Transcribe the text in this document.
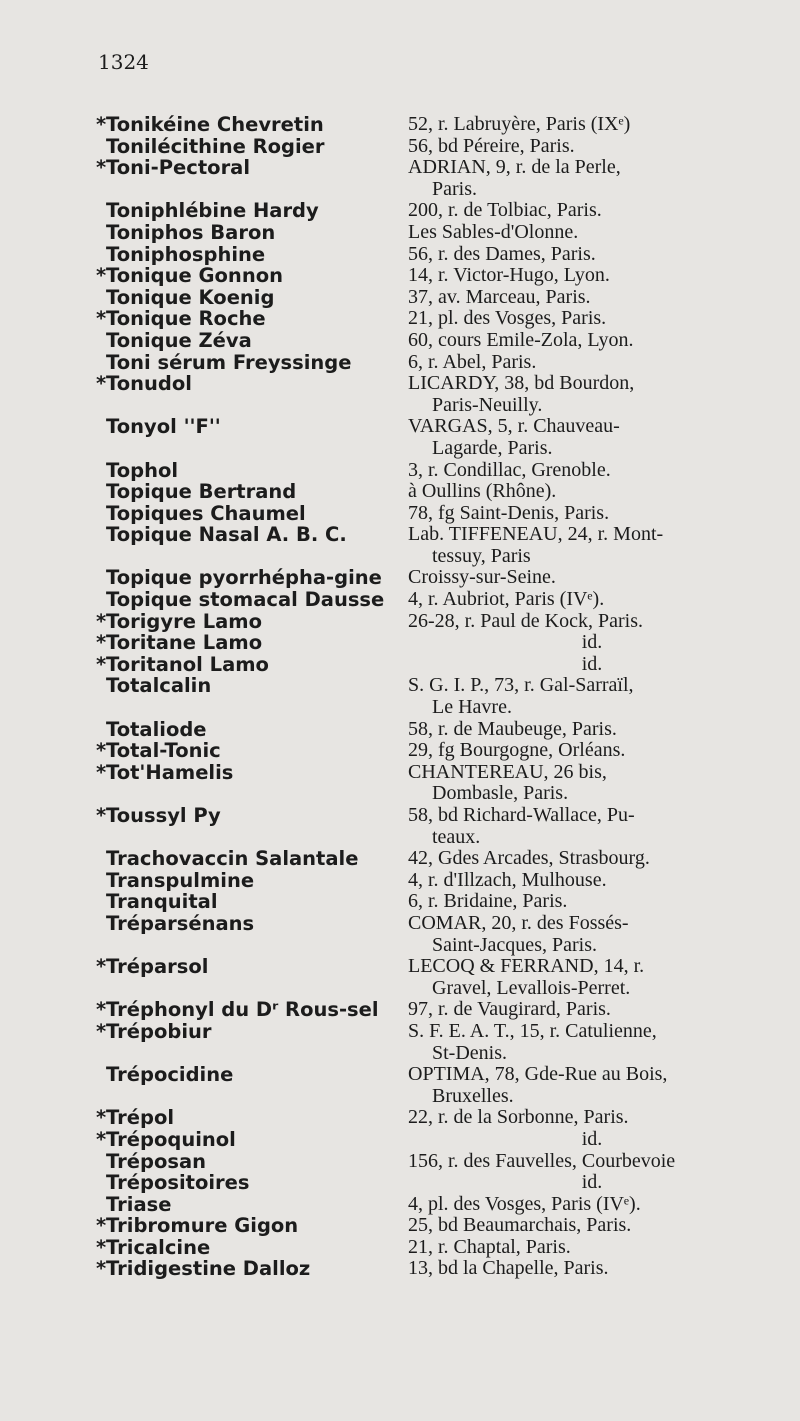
1324
*Tonikéine Chevretin	52, r. Labruyère, Paris (IXᵉ)
Tonilécithine Rogier	56, bd Péreire, Paris.
*Toni-Pectoral	ADRIAN, 9, r. de la Perle,
Paris.
Toniphlébine Hardy	200, r. de Tolbiac, Paris.
Toniphos Baron	Les Sables-d'Olonne.
Toniphosphine	56, r. des Dames, Paris.
*Tonique Gonnon	14, r. Victor-Hugo, Lyon.
Tonique Koenig	37, av. Marceau, Paris.
*Tonique Roche	21, pl. des Vosges, Paris.
Tonique Zéva	60, cours Emile-Zola, Lyon.
Toni sérum Freyssinge	6, r. Abel, Paris.
*Tonudol	LICARDY, 38, bd Bourdon,
Paris-Neuilly.
Tonyol ''F''	VARGAS, 5, r. Chauveau-
Lagarde, Paris.
Tophol	3, r. Condillac, Grenoble.
Topique Bertrand	à Oullins (Rhône).
Topiques Chaumel	78, fg Saint-Denis, Paris.
Topique Nasal A. B. C.	Lab. TIFFENEAU, 24, r. Mont-
tessuy, Paris
Topique pyorrhépha-gine	Croissy-sur-Seine.
Topique stomacal Dausse	4, r. Aubriot, Paris (IVᵉ).
*Torigyre Lamo	26-28, r. Paul de Kock, Paris.
*Toritane Lamo	id.
*Toritanol Lamo	id.
Totalcalin	S. G. I. P., 73, r. Gal-Sarraïl,
Le Havre.
Totaliode	58, r. de Maubeuge, Paris.
*Total-Tonic	29, fg Bourgogne, Orléans.
*Tot'Hamelis	CHANTEREAU, 26 bis,
Dombasle, Paris.
*Toussyl Py	58, bd Richard-Wallace, Pu-
teaux.
Trachovaccin Salantale	42, Gdes Arcades, Strasbourg.
Transpulmine	4, r. d'Illzach, Mulhouse.
Tranquital	6, r. Bridaine, Paris.
Tréparsénans	COMAR, 20, r. des Fossés-
Saint-Jacques, Paris.
*Tréparsol	LECOQ & FERRAND, 14, r.
Gravel, Levallois-Perret.
*Tréphonyl du Dʳ Rous-sel	97, r. de Vaugirard, Paris.
*Trépobiur	S. F. E. A. T., 15, r. Catulienne,
St-Denis.
Trépocidine	OPTIMA, 78, Gde-Rue au Bois,
Bruxelles.
*Trépol	22, r. de la Sorbonne, Paris.
*Trépoquinol	id.
Tréposan	156, r. des Fauvelles, Courbevoie
Trépositoires	id.
Triase	4, pl. des Vosges, Paris (IVᵉ).
*Tribromure Gigon	25, bd Beaumarchais, Paris.
*Tricalcine	21, r. Chaptal, Paris.
*Tridigestine Dalloz	13, bd la Chapelle, Paris.
